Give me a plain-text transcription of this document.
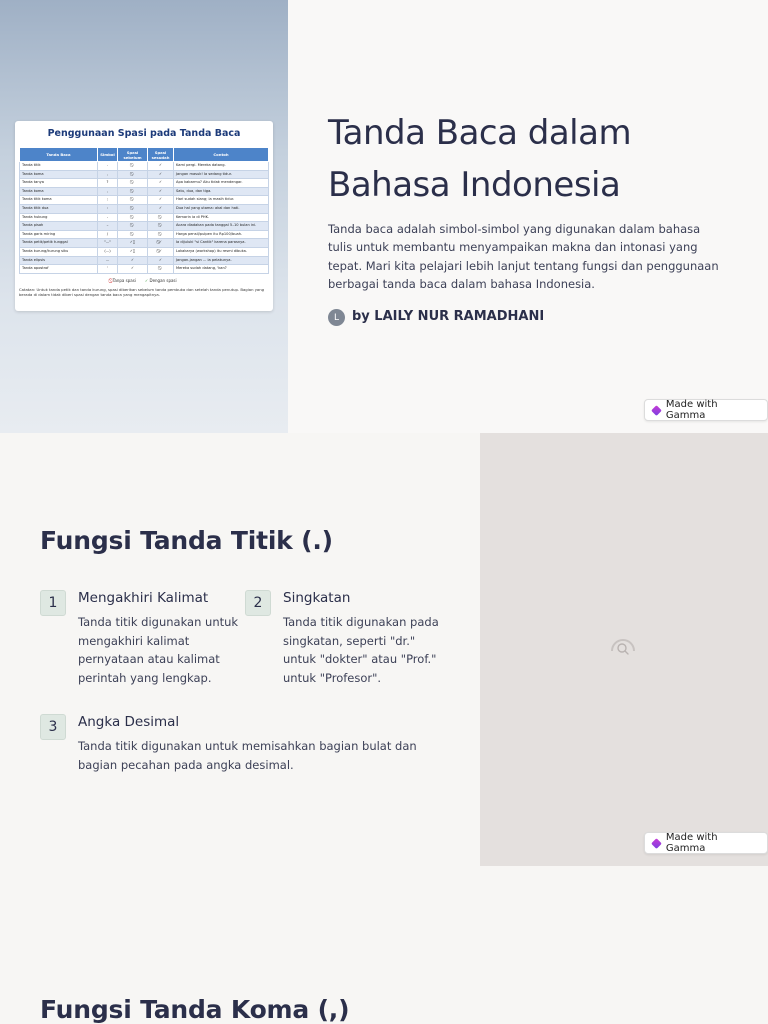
Penggunaan Spasi pada Tanda Baca
Tanda Baca	Simbol	Spasi sebelum	Spasi sesudah	Contoh
Tanda titik	.		✓	Kami pergi. Mereka datang.
Tanda koma	,		✓	Jangan masuk! Ia sedang tidur.
Tanda tanya	?		✓	Apa kabarmu? Aku tidak mendengar.
Tanda koma	,		✓	Satu, dua, dan tiga.
Tanda titik koma	;		✓	Hari sudah siang; ia masih tidur.
Tanda titik dua	:		✓	Dua hal yang utama: akal dan hati.
Tanda hubung	-			Kemarin ia di PHK.
Tanda pisah	–			Acara diadakan pada tanggal 5–10 bulan ini.
Tanda garis miring	/			Harga pensil/pulpen itu Rp100/buah.
Tanda petik/petik tunggal	"..."	✓⃠	⃠✓	Ia dijuluki "si Cantik" karena parasnya.
Tanda kurung/kurung siku	(...)	✓⃠	⃠✓	Lokakarya (workshop) itu resmi dibuka.
Tanda elipsis	...	✓	✓	Jangan-jangan ... ia pelakunya.
Tanda apostrof	'	✓		Mereka sudah datang, 'kan?
Tanpa spasi ✓ Dengan spasi
Catatan: Untuk tanda petik dan tanda kurung, spasi diberikan sebelum tanda pembuka dan setelah tanda penutup. Bagian yang berada di dalam tidak diberi spasi dengan tanda baca yang mengapitnya.
Tanda Baca dalam Bahasa Indonesia

Tanda baca adalah simbol-simbol yang digunakan dalam bahasa tulis untuk membantu menyampaikan makna dan intonasi yang tepat. Mari kita pelajari lebih lanjut tentang fungsi dan penggunaan berbagai tanda baca dalam bahasa Indonesia.

L	by LAILY NUR RAMADHANI
Made with Gamma
Fungsi Tanda Titik (.)
1	Mengakhiri Kalimat
Tanda titik digunakan untuk mengakhiri kalimat pernyataan atau kalimat perintah yang lengkap.
2	Singkatan
Tanda titik digunakan pada singkatan, seperti "dr." untuk "dokter" atau "Prof." untuk "Profesor".
3	Angka Desimal
Tanda titik digunakan untuk memisahkan bagian bulat dan bagian pecahan pada angka desimal.
Made with Gamma
Fungsi Tanda Koma (,)
